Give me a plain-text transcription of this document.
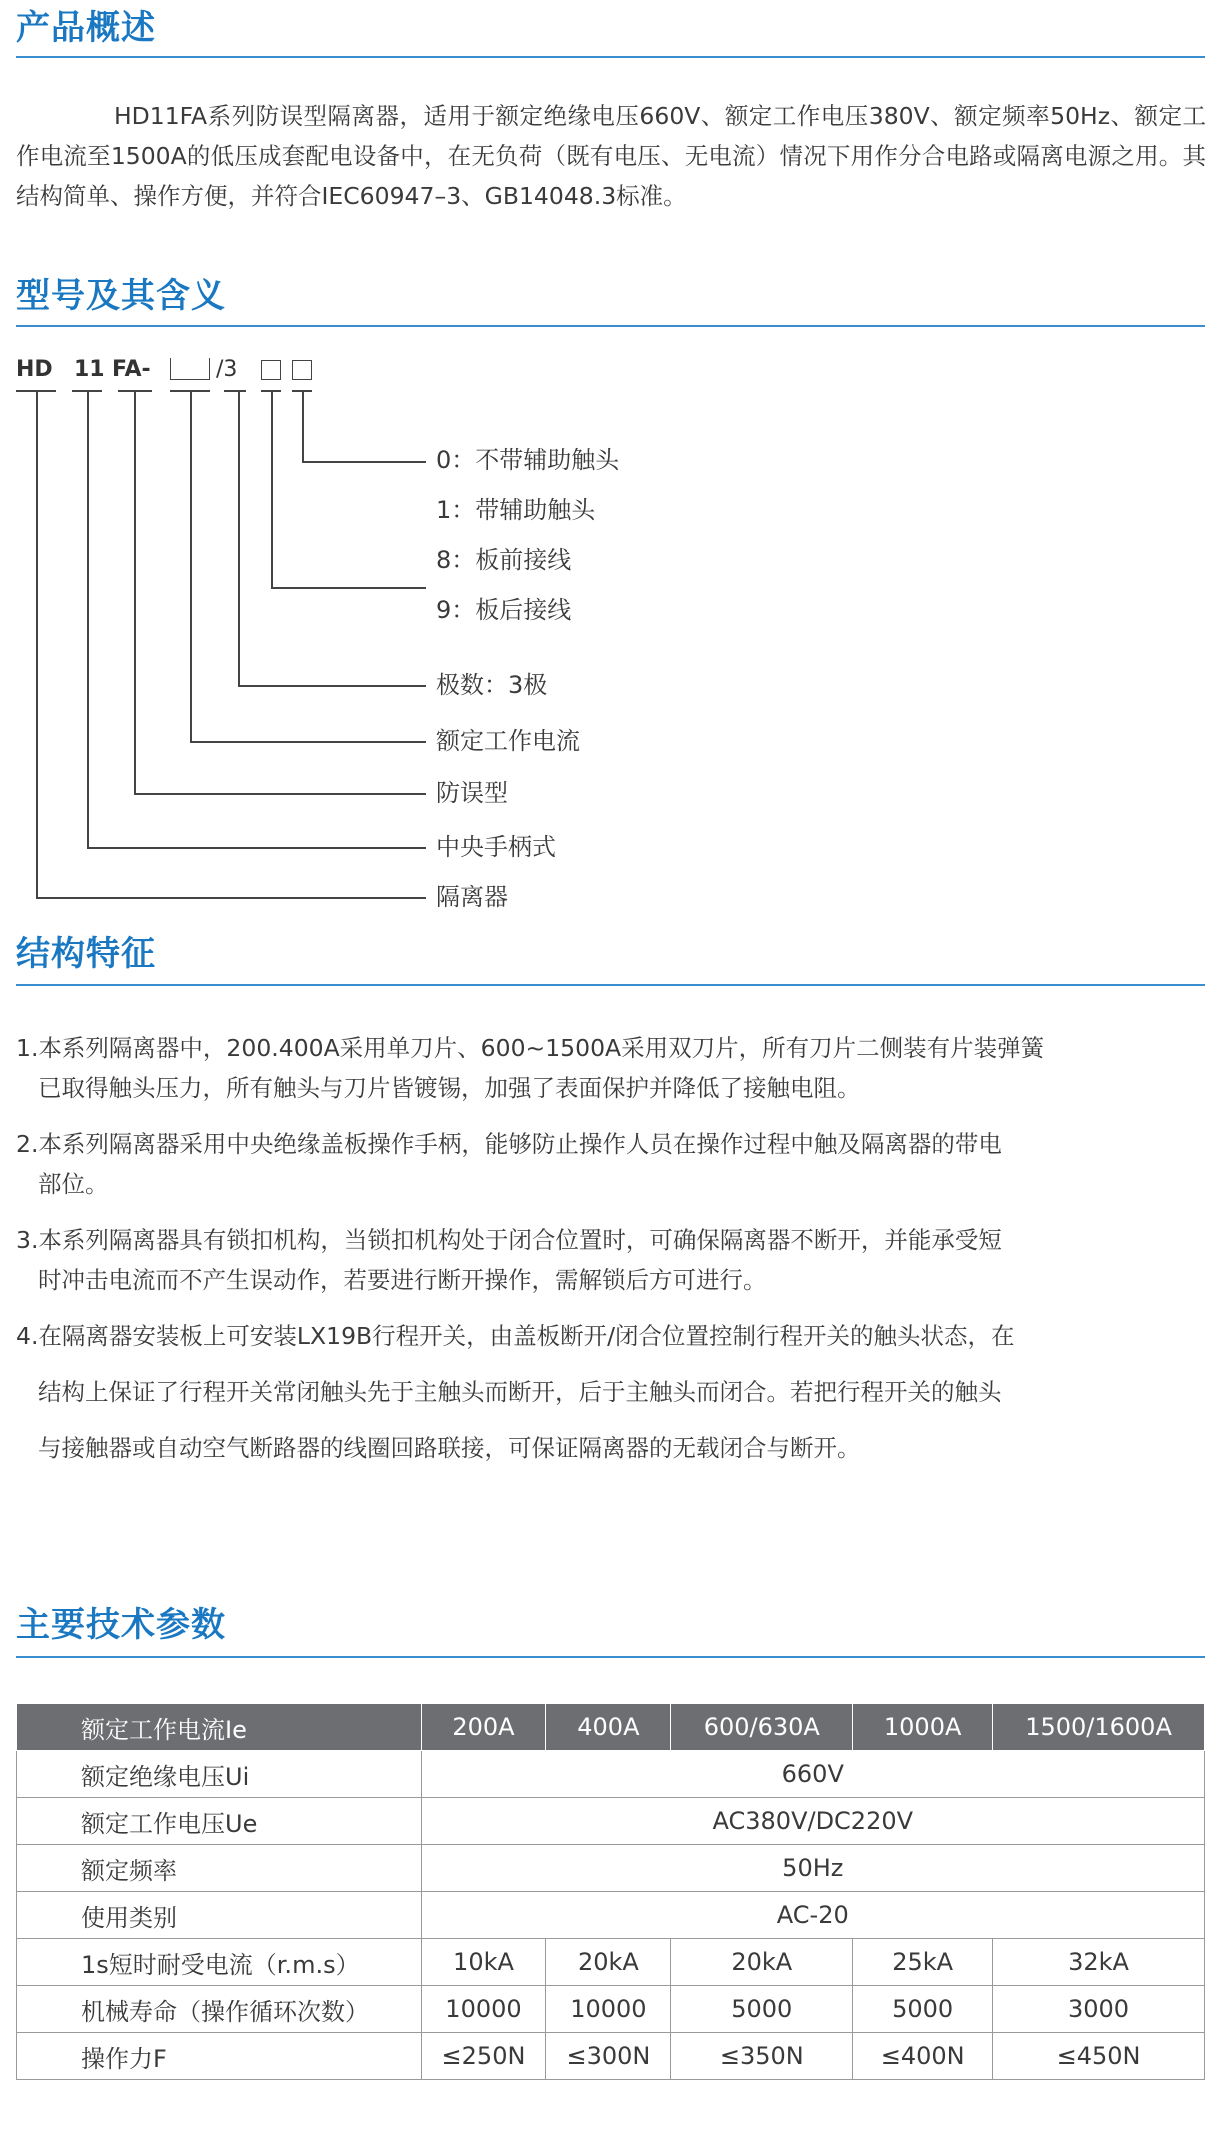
产品概述
HD11FA系列防误型隔离器，适用于额定绝缘电压660V、额定工作电压380V、额定频率50Hz、额定工作电流至1500A的低压成套配电设备中，在无负荷（既有电压、无电流）情况下用作分合电路或隔离电源之用。其结构简单、操作方便，并符合IEC60947–3、GB14048.3标准。
型号及其含义
HD 11 FA-	/3
0：不带辅助触头
1：带辅助触头
8：板前接线
9：板后接线
极数：3极
额定工作电流
防误型
中央手柄式
隔离器
结构特征
1.本系列隔离器中，200.400A采用单刀片、600~1500A采用双刀片，所有刀片二侧装有片装弹簧
已取得触头压力，所有触头与刀片皆镀锡，加强了表面保护并降低了接触电阻。
2.本系列隔离器采用中央绝缘盖板操作手柄，能够防止操作人员在操作过程中触及隔离器的带电
部位。
3.本系列隔离器具有锁扣机构，当锁扣机构处于闭合位置时，可确保隔离器不断开，并能承受短
时冲击电流而不产生误动作，若要进行断开操作，需解锁后方可进行。
4.在隔离器安装板上可安装LX19B行程开关，由盖板断开/闭合位置控制行程开关的触头状态，在
结构上保证了行程开关常闭触头先于主触头而断开，后于主触头而闭合。若把行程开关的触头
与接触器或自动空气断路器的线圈回路联接，可保证隔离器的无载闭合与断开。
主要技术参数
额定工作电流Ie	200A	400A	600/630A	1000A	1500/1600A
额定绝缘电压Ui	660V				
额定工作电压Ue	AC380V/DC220V				
额定频率	50Hz				
使用类别	AC-20				
1s短时耐受电流（r.m.s）	10kA	20kA	20kA	25kA	32kA
机械寿命（操作循环次数）	10000	10000	5000	5000	3000
操作力F	≤250N	≤300N	≤350N	≤400N	≤450N
